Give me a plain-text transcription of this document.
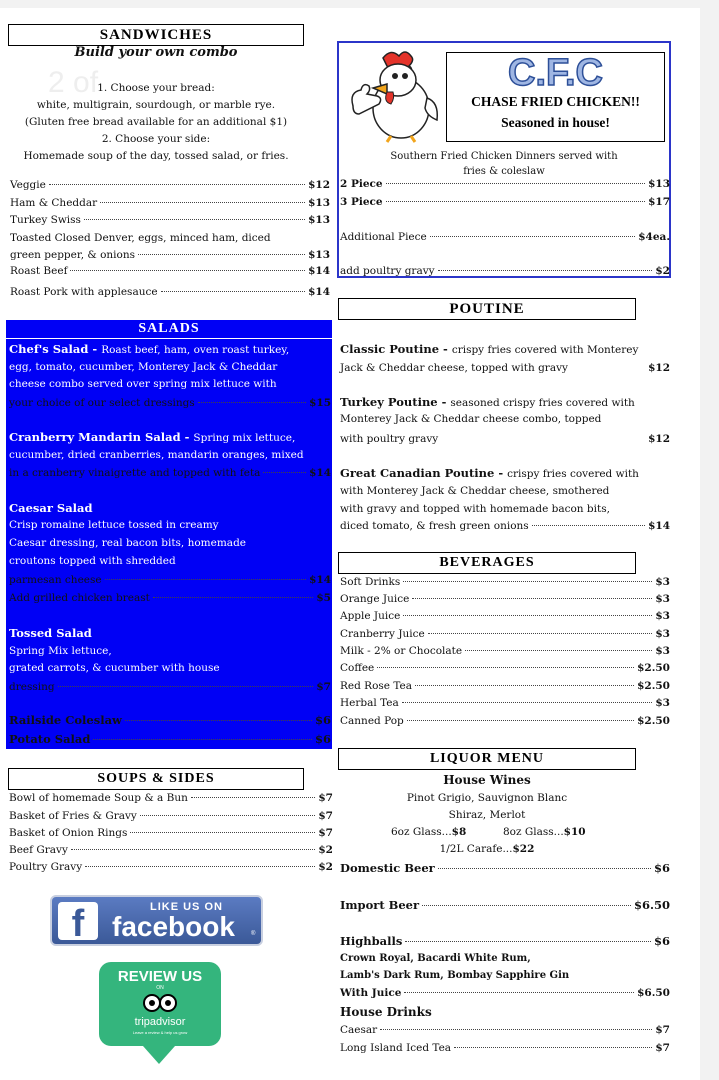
SANDWICHES
Build your own combo
2 of 1. Choose your bread:
white, multigrain, sourdough, or marble rye.
(Gluten free bread available for an additional $1)
2. Choose your side:
Homemade soup of the day, tossed salad, or fries.
Veggie	$12
Ham & Cheddar	$13
Turkey Swiss	$13
Toasted Closed Denver, eggs, minced ham, diced
green pepper, & onions	$13
Roast Beef	$14
Roast Pork with applesauce	$14
SALADS
Chef's Salad - Roast beef, ham, oven roast turkey,
egg, tomato, cucumber, Monterey Jack & Cheddar
cheese combo served over spring mix lettuce with
your choice of our select dressings	$15
Cranberry Mandarin Salad - Spring mix lettuce,
cucumber, dried cranberries, mandarin oranges, mixed
in a cranberry vinaigrette and topped with feta	$14
Caesar Salad
Crisp romaine lettuce tossed in creamy
Caesar dressing, real bacon bits, homemade
croutons topped with shredded
parmesan cheese	$14
Add grilled chicken breast	$5
Tossed Salad
Spring Mix lettuce,
grated carrots, & cucumber with house
dressing	$7
Railside Coleslaw	$6
Potato Salad	$6
SOUPS & SIDES
Bowl of homemade Soup & a Bun	$7
Basket of Fries & Gravy	$7
Basket of Onion Rings	$7
Beef Gravy	$2
Poultry Gravy	$2
f	LIKE US ON
facebook	®
REVIEW US
ON
tripadvisor
Leave a review & help us grow
C.F.C
CHASE FRIED CHICKEN!!
Seasoned in house!
Southern Fried Chicken Dinners served with
fries & coleslaw
2 Piece	$13
3 Piece	$17
Additional Piece	$4ea.
add poultry gravy	$2
POUTINE
Classic Poutine - crispy fries covered with Monterey
Jack & Cheddar cheese, topped with gravy	$12
Turkey Poutine - seasoned crispy fries covered with
Monterey Jack & Cheddar cheese combo, topped
with poultry gravy	$12
Great Canadian Poutine - crispy fries covered with
with Monterey Jack & Cheddar cheese, smothered
with gravy and topped with homemade bacon bits,
diced tomato, & fresh green onions	$14
BEVERAGES
Soft Drinks	$3
Orange Juice	$3
Apple Juice	$3
Cranberry Juice	$3
Milk - 2% or Chocolate	$3
Coffee	$2.50
Red Rose Tea	$2.50
Herbal Tea	$3
Canned Pop	$2.50
LIQUOR MENU
House Wines
Pinot Grigio, Sauvignon Blanc
Shiraz, Merlot
6oz Glass...$8	8oz Glass...$10
1/2L Carafe...$22
Domestic Beer	$6
Import Beer	$6.50
Highballs	$6
Crown Royal, Bacardi White Rum,
Lamb's Dark Rum, Bombay Sapphire Gin
With Juice	$6.50
House Drinks
Caesar	$7
Long Island Iced Tea	$7
